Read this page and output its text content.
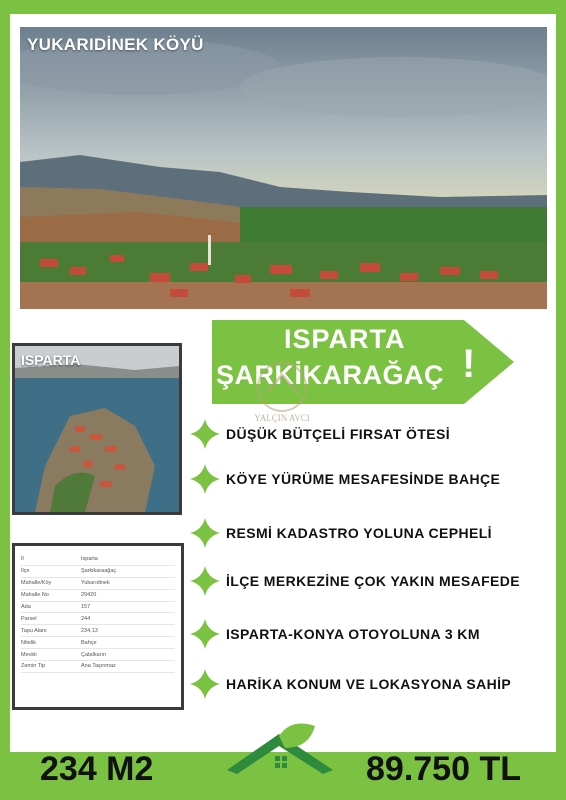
YUKARIDİNEK KÖYÜ
ISPARTA
İl	Isparta
İlçe	Şarkikaraağaç
Mahalle/Köy	Yukarıdinek
Mahalle No	29420
Ada	157
Parsel	244
Tapu Alanı	234,13
Nitelik	Bahçe
Mevkii	Çatalkarın
Zemin Tip	Ana Taşınmaz
ISPARTA
ŞARKİKARAĞAÇ !
YALÇIN AVCI
DÜŞÜK BÜTÇELİ FIRSAT ÖTESİ
KÖYE YÜRÜME MESAFESİNDE BAHÇE
RESMİ KADASTRO YOLUNA CEPHELİ
İLÇE MERKEZİNE ÇOK YAKIN MESAFEDE
ISPARTA-KONYA OTOYOLUNA 3 KM
HARİKA KONUM VE LOKASYONA SAHİP
234 M2	89.750 TL
